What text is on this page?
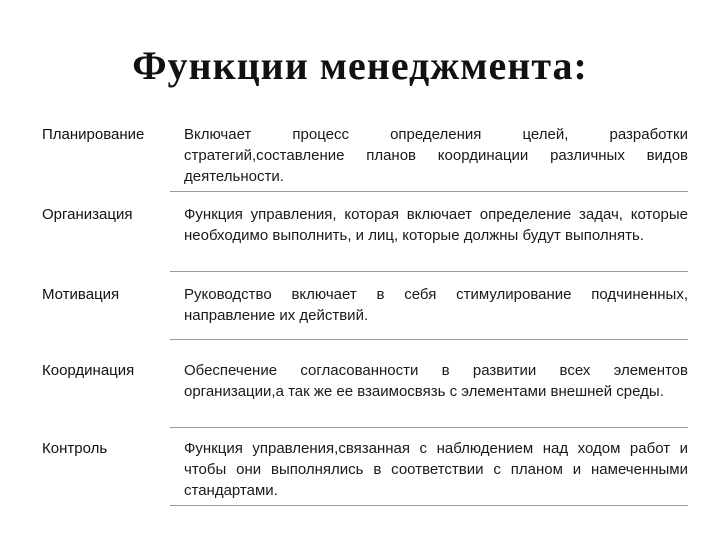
Функции менеджмента:
Планирование	Включает процесс определения целей, разработки стратегий,составление планов координации различных видов деятельности.
Организация	Функция управления, которая включает определение задач, которые необходимо выполнить, и лиц, которые должны будут выполнять.
Мотивация	Руководство включает в себя стимулирование подчиненных, направление их действий.
Координация	Обеспечение согласованности в развитии всех элементов организации,а так же ее взаимосвязь с элементами внешней среды.
Контроль	Функция управления,связанная с наблюдением над ходом работ и чтобы они выполнялись в соответствии с планом и намеченными стандартами.
